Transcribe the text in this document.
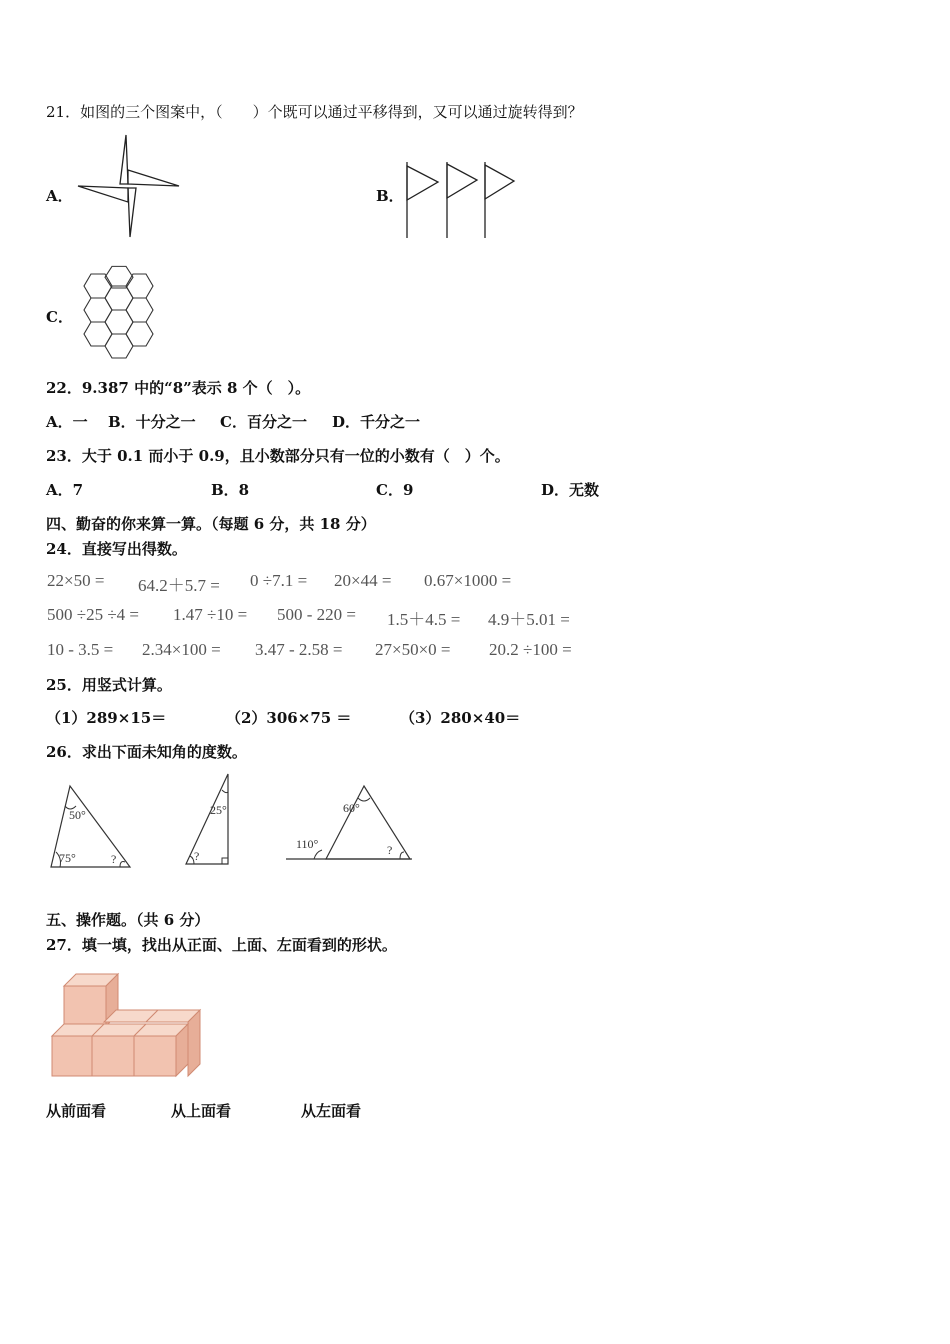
21．如图的三个图案中，（　　）个既可以通过平移得到，又可以通过旋转得到？
A．	B．
C．
22．9.387 中的“8”表示 8 个（　）。
A．一 B．十分之一 C．百分之一 D．千分之一
23．大于 0.1 而小于 0.9，且小数部分只有一位的小数有（　）个。
A．7	B．8	C．9	D．无数
四、勤奋的你来算一算。（每题 6 分，共 18 分）
24．直接写出得数。
22×50 = 64.2＋5.7 = 0 ÷7.1 = 20×44 = 0.67×1000 =
500 ÷25 ÷4 = 1.47 ÷10 = 500 - 220 = 1.5＋4.5 = 4.9＋5.01 =
10 - 3.5 = 2.34×100 = 3.47 - 2.58 = 27×50×0 = 20.2 ÷100 =
25．用竖式计算。
（1）289×15＝	（2）306×75 ＝	（3）280×40＝
26．求出下面未知角的度数。
50°
75°	?
25°
?
60°
110°	?
五、操作题。（共 6 分）
27．填一填，找出从正面、上面、左面看到的形状。
从前面看	从上面看	从左面看
